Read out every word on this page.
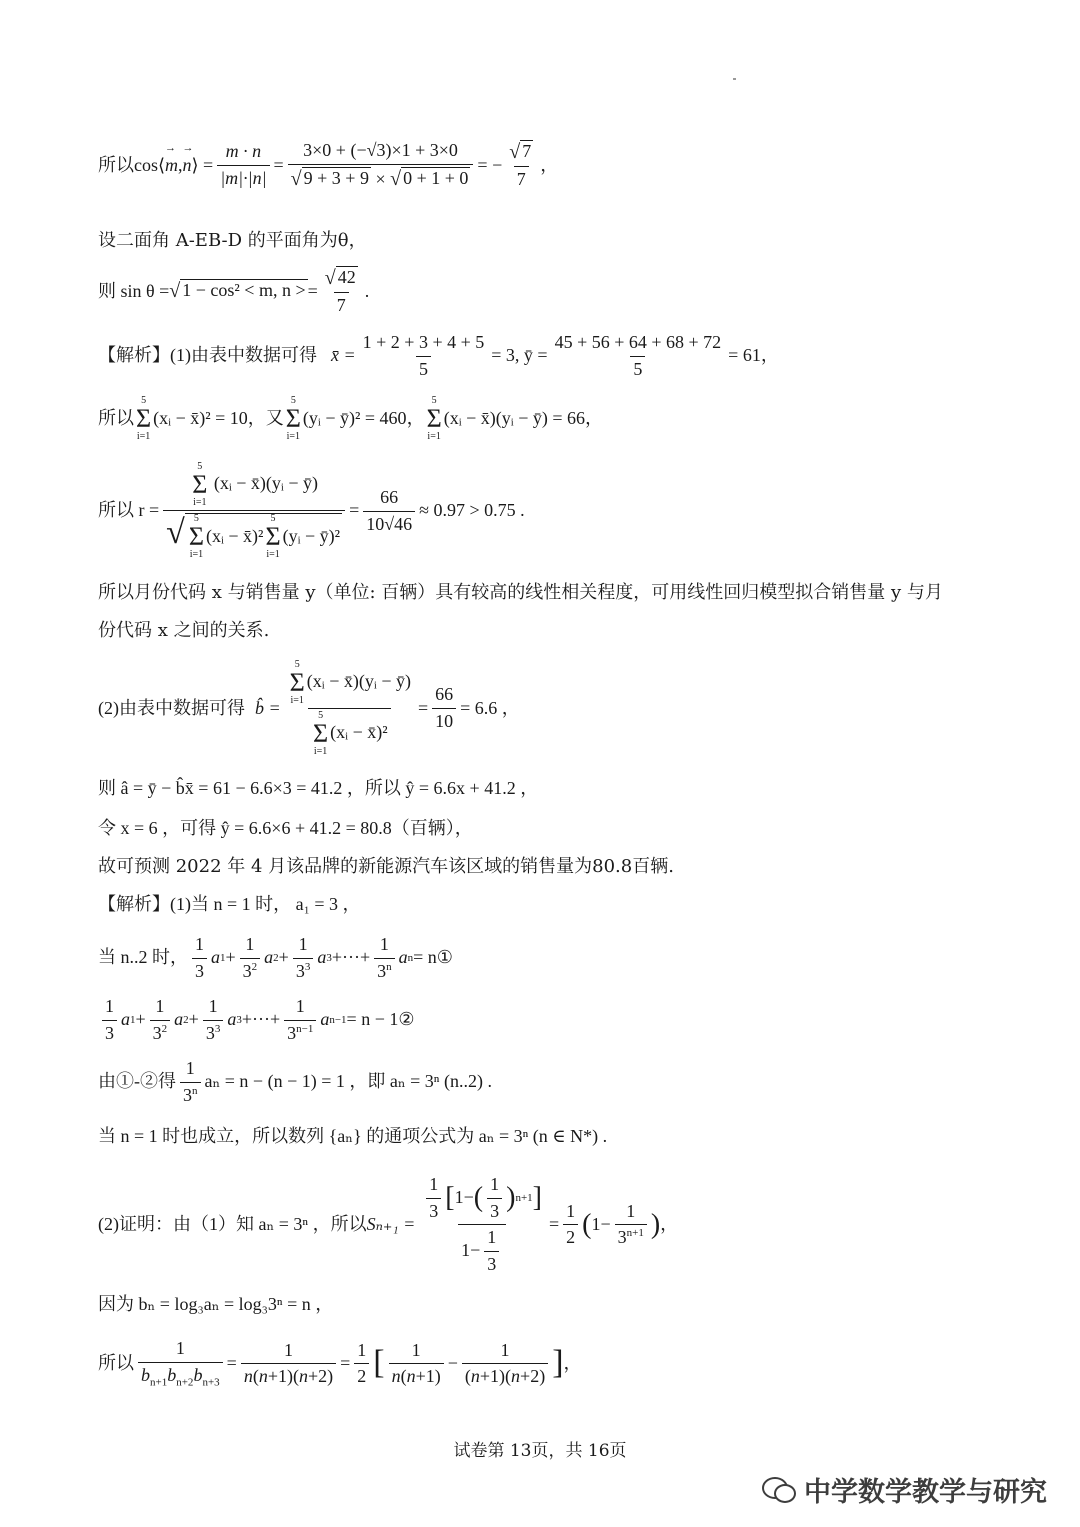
所以cos⟨ → m , → n ⟩ = $\frac{m \cdot n}{|m|\cdot|n|} = \frac{3\times 0 + (-√3)\times 1 + 3\times 0}{√ 9 + 3 + 9 \times √ 0 + 1 + 0}$ = − $\frac{√ 7}{7}$ ，
设二面角 A-EB-D 的平面角为θ，
则 sin θ = √ 1 − cos² < m, n > = $\frac{√ 42}{7}$ .
【解析】(1)由表中数据可得 x̄ = $\frac{1 + 2 + 3 + 4 + 5}{5} = 3$, ȳ = $\frac{45 + 56 + 64 + 68 + 72}{5} = 61$，
所以
5
Σ
i=1
(xᵢ − x̄)² = 10 ，又
5
Σ
i=1
(yᵢ − ȳ)² = 460 ，
5
Σ
i=1
(xᵢ − x̄)(yᵢ − ȳ) = 66 ，
所以 r =
5
Σ
i=1
(xᵢ − x̄)(yᵢ − ȳ)
√ 5
Σ
i=1
(xᵢ − x̄)²
5
Σ
i=1
(yᵢ − ȳ)²
= $\frac{66}{10√46} \approx 0.97 > 0.75$ .
所以月份代码 x 与销售量 y（单位: 百辆）具有较高的线性相关程度，可用线性回归模型拟合销售量 y 与月
份代码 x 之间的关系.
(2)由表中数据可得 b̂ = 5
Σ
i=1
(xᵢ − x̄)(yᵢ − ȳ)
5
Σ
i=1
(xᵢ − x̄)² = $\frac{66}{10} = 6.6$ ，
则 â = ȳ − b̂x̄ = 61 − 6.6×3 = 41.2 ，所以 ŷ = 6.6x + 41.2 ，
令 x = 6 ，可得 ŷ = 6.6×6 + 41.2 = 80.8（百辆），
故可预测 2022 年 4 月该品牌的新能源汽车该区域的销售量为80.8百辆.
【解析】(1)当 n = 1 时， a₁ = 3 ，
当 n..2 时， $\frac{1}{3}$ a $1 + \frac{1}{3^2}$ a $2 + \frac{1}{3^3}$ a 3 +···+ $\frac{1}{3^n}$ a n = n①
$\frac{1}{3}$ a $1 + \frac{1}{3^2}$ a $2 + \frac{1}{3^3}$ a 3 +···+ $\frac{1}{3^{n-1}}$ a n−1 = n − 1②
由①-②得 $\frac{1}{3^n}$ aₙ = n − (n − 1) = 1 ，即 aₙ = 3ⁿ (n..2) .
当 n = 1 时也成立，所以数列 {aₙ} 的通项公式为 aₙ = 3ⁿ (n ∈ N*) .
(2)证明：由（1）知 aₙ = 3ⁿ ，所以 $S_{n+1} = \frac{\frac{1}{3} [ 1- ( \frac{1}{3} ) n+1 ]}{1- \frac{1}{3}} = \frac{1}{2}$ ( $1- \frac{1}{3^{n+1}}$ ) ，
因为 bₙ = log₃aₙ = log₃3ⁿ = n ，
所以 $\frac{1}{b_{n+1}b_{n+2}b_{n+3}} = \frac{1}{n(n+1)(n+2)} = \frac{1}{2}$ [ $\frac{1}{n(n+1)} - \frac{1}{(n+1)(n+2)}$ ] ，
试卷第 13页，共 16页
中学数学教学与研究
